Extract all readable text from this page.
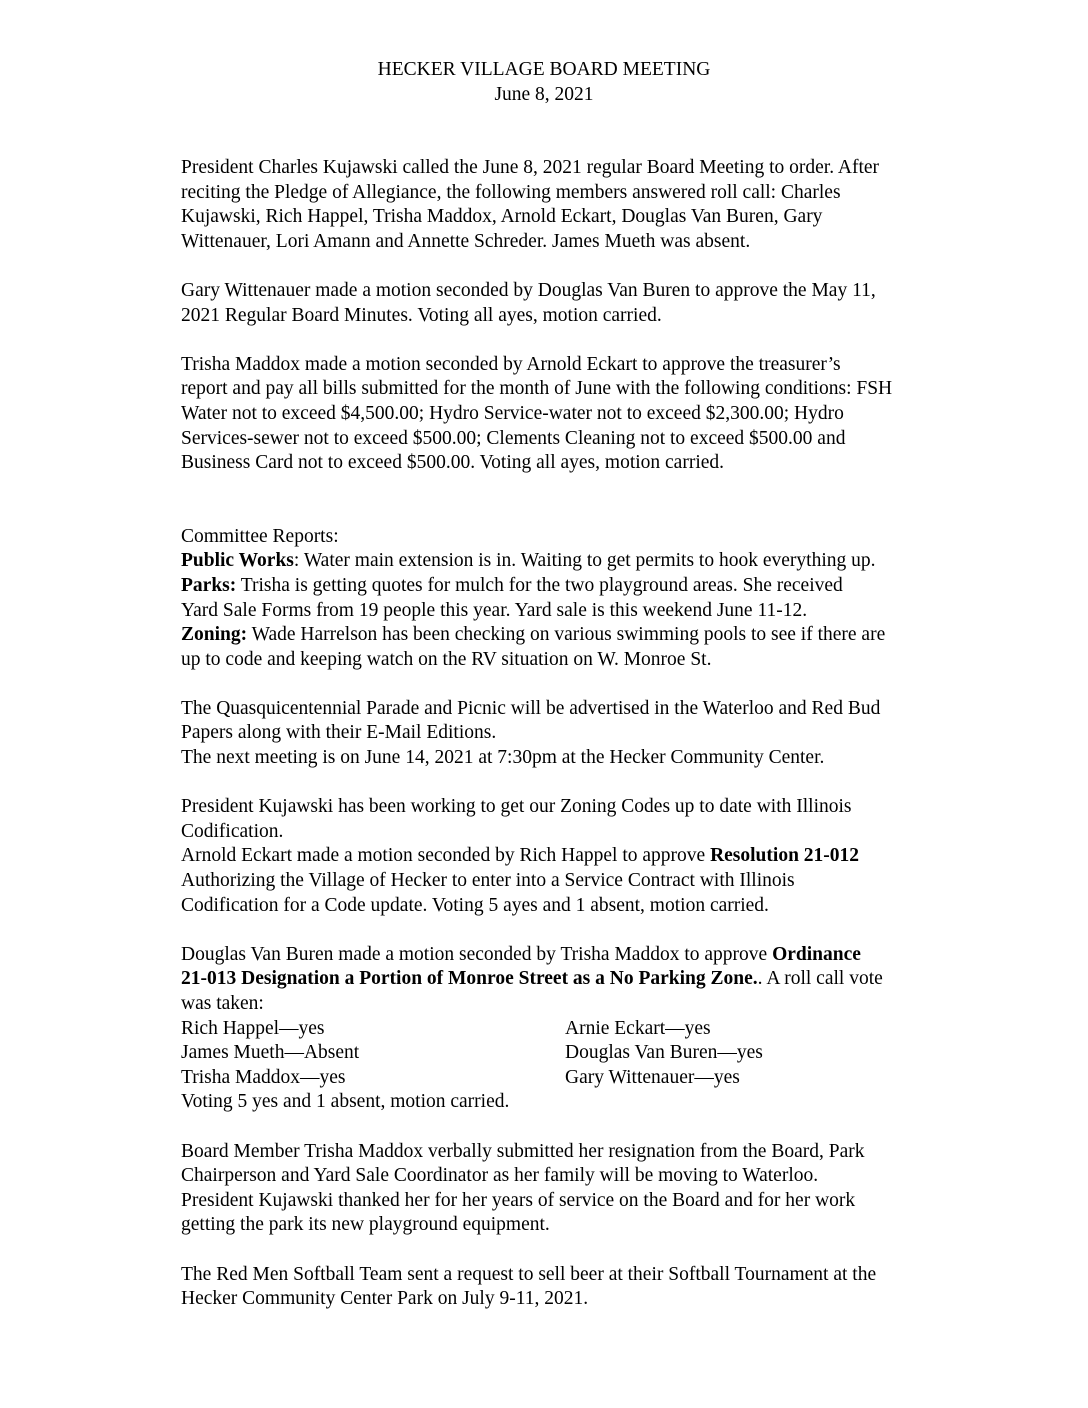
HECKER VILLAGE BOARD MEETING
June 8, 2021

President Charles Kujawski called the June 8, 2021 regular Board Meeting to order. After
reciting the Pledge of Allegiance, the following members answered roll call: Charles
Kujawski, Rich Happel, Trisha Maddox, Arnold Eckart, Douglas Van Buren, Gary
Wittenauer, Lori Amann and Annette Schreder. James Mueth was absent.

Gary Wittenauer made a motion seconded by Douglas Van Buren to approve the May 11,
2021 Regular Board Minutes. Voting all ayes, motion carried.

Trisha Maddox made a motion seconded by Arnold Eckart to approve the treasurer’s
report and pay all bills submitted for the month of June with the following conditions: FSH
Water not to exceed $4,500.00; Hydro Service-water not to exceed $2,300.00; Hydro
Services-sewer not to exceed $500.00; Clements Cleaning not to exceed $500.00 and
Business Card not to exceed $500.00. Voting all ayes, motion carried.

Committee Reports:
Public Works: Water main extension is in. Waiting to get permits to hook everything up.
Parks: Trisha is getting quotes for mulch for the two playground areas. She received
Yard Sale Forms from 19 people this year. Yard sale is this weekend June 11-12.
Zoning: Wade Harrelson has been checking on various swimming pools to see if there are
up to code and keeping watch on the RV situation on W. Monroe St.

The Quasquicentennial Parade and Picnic will be advertised in the Waterloo and Red Bud
Papers along with their E-Mail Editions.
The next meeting is on June 14, 2021 at 7:30pm at the Hecker Community Center.

President Kujawski has been working to get our Zoning Codes up to date with Illinois
Codification.
Arnold Eckart made a motion seconded by Rich Happel to approve Resolution 21-012
Authorizing the Village of Hecker to enter into a Service Contract with Illinois
Codification for a Code update. Voting 5 ayes and 1 absent, motion carried.

Douglas Van Buren made a motion seconded by Trisha Maddox to approve Ordinance
21-013 Designation a Portion of Monroe Street as a No Parking Zone.. A roll call vote
was taken:

Rich Happel—yes	Arnie Eckart—yes
James Mueth—Absent	Douglas Van Buren—yes
Trisha Maddox—yes	Gary Wittenauer—yes

Voting 5 yes and 1 absent, motion carried.

Board Member Trisha Maddox verbally submitted her resignation from the Board, Park
Chairperson and Yard Sale Coordinator as her family will be moving to Waterloo.
President Kujawski thanked her for her years of service on the Board and for her work
getting the park its new playground equipment.

The Red Men Softball Team sent a request to sell beer at their Softball Tournament at the
Hecker Community Center Park on July 9-11, 2021.
